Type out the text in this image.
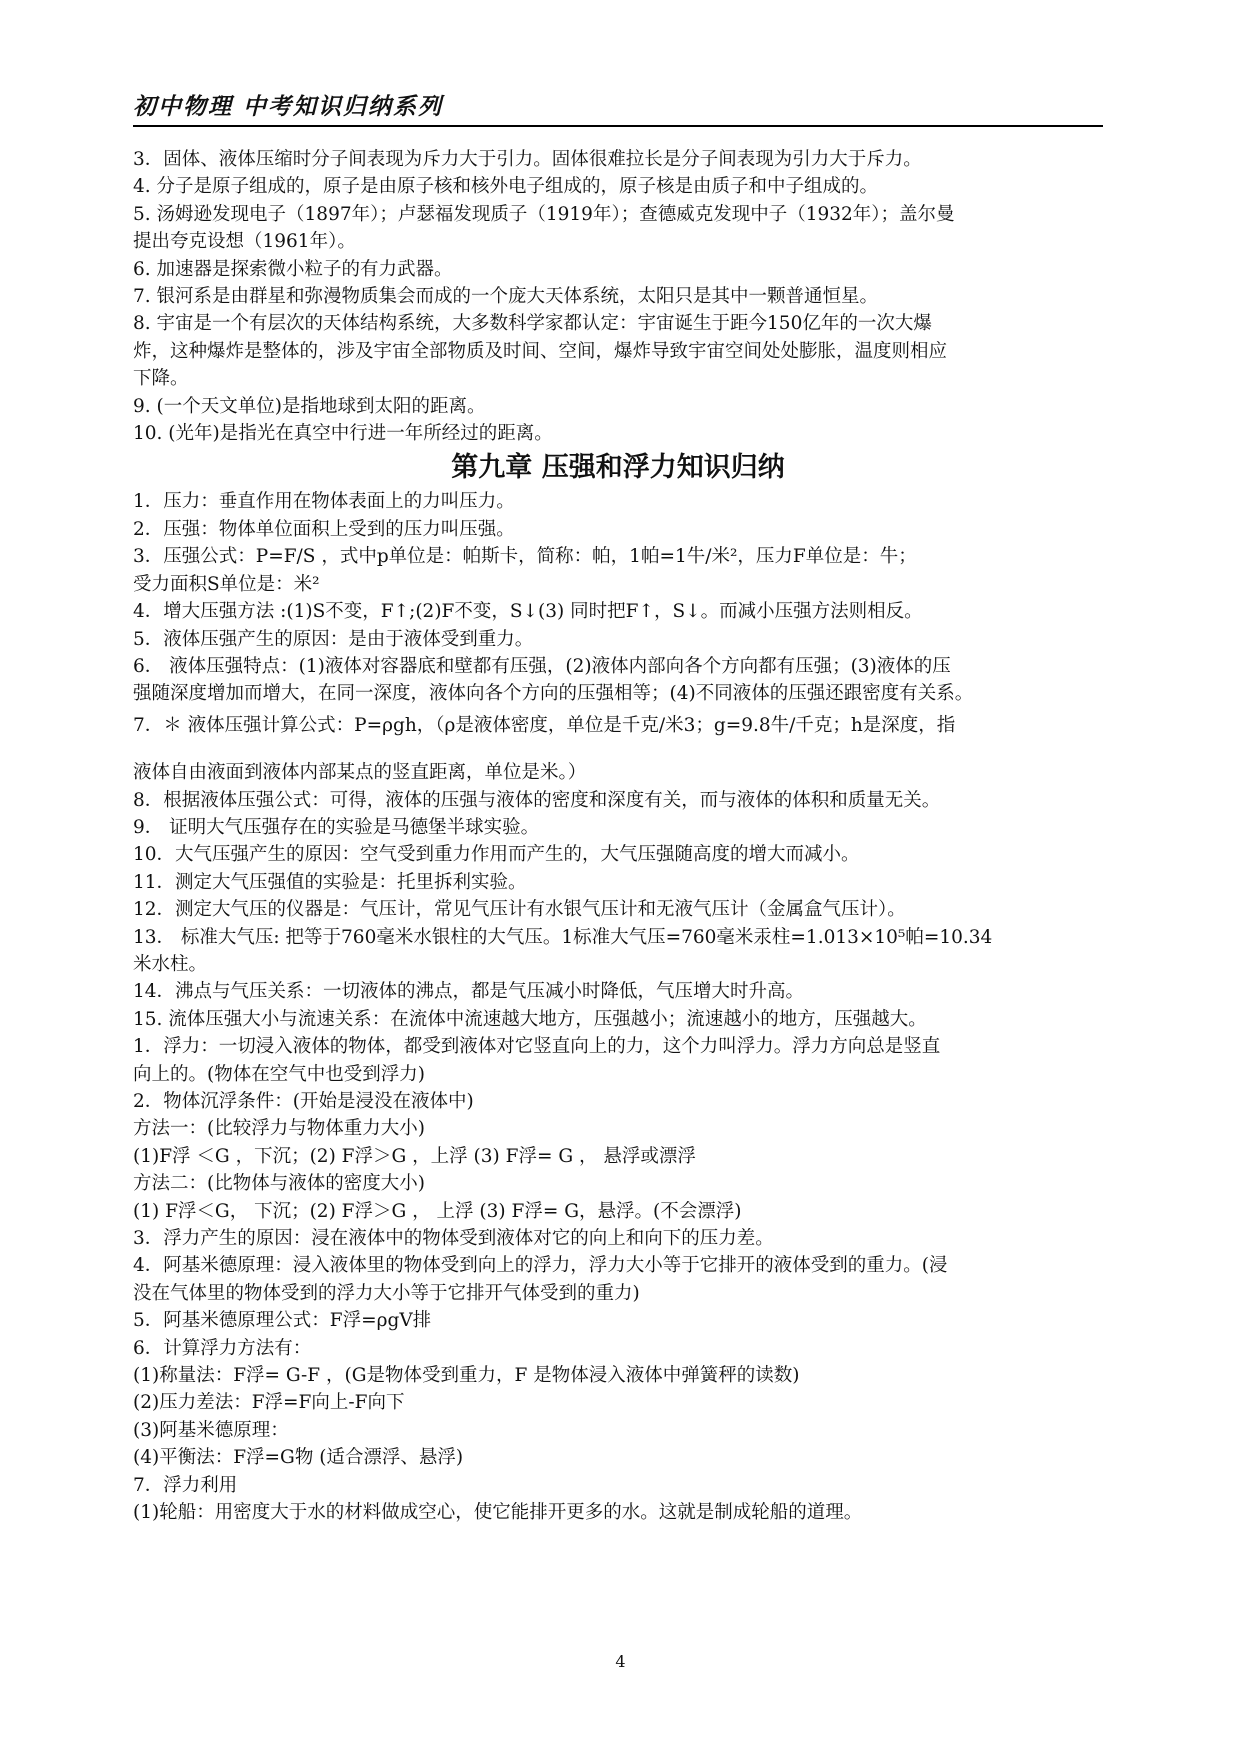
初中物理 中考知识归纳系列
3．固体、液体压缩时分子间表现为斥力大于引力。固体很难拉长是分子间表现为引力大于斥力。
4. 分子是原子组成的，原子是由原子核和核外电子组成的，原子核是由质子和中子组成的。
5. 汤姆逊发现电子（1897年）；卢瑟福发现质子（1919年）；查德威克发现中子（1932年）；盖尔曼
提出夸克设想（1961年）。
6. 加速器是探索微小粒子的有力武器。
7. 银河系是由群星和弥漫物质集会而成的一个庞大天体系统，太阳只是其中一颗普通恒星。
8. 宇宙是一个有层次的天体结构系统，大多数科学家都认定：宇宙诞生于距今150亿年的一次大爆
炸，这种爆炸是整体的，涉及宇宙全部物质及时间、空间，爆炸导致宇宙空间处处膨胀，温度则相应
下降。
9. (一个天文单位)是指地球到太阳的距离。
10. (光年)是指光在真空中行进一年所经过的距离。
第九章 压强和浮力知识归纳
1．压力：垂直作用在物体表面上的力叫压力。
2．压强：物体单位面积上受到的压力叫压强。
3．压强公式：P=F/S ，式中p单位是：帕斯卡，简称：帕，1帕=1牛/米²，压力F单位是：牛；
受力面积S单位是：米²
4．增大压强方法 :(1)S不变，F↑;(2)F不变，S↓(3) 同时把F↑，S↓。而减小压强方法则相反。
5．液体压强产生的原因：是由于液体受到重力。
6． 液体压强特点：(1)液体对容器底和壁都有压强，(2)液体内部向各个方向都有压强；(3)液体的压
强随深度增加而增大，在同一深度，液体向各个方向的压强相等；(4)不同液体的压强还跟密度有关系。
7．＊ 液体压强计算公式：P=ρgh，（ρ是液体密度，单位是千克/米3；g=9.8牛/千克；h是深度，指
液体自由液面到液体内部某点的竖直距离，单位是米。）
8．根据液体压强公式：可得，液体的压强与液体的密度和深度有关，而与液体的体积和质量无关。
9． 证明大气压强存在的实验是马德堡半球实验。
10．大气压强产生的原因：空气受到重力作用而产生的，大气压强随高度的增大而减小。
11．测定大气压强值的实验是：托里拆利实验。
12．测定大气压的仪器是：气压计，常见气压计有水银气压计和无液气压计（金属盒气压计）。
13． 标准大气压: 把等于760毫米水银柱的大气压。1标准大气压=760毫米汞柱=1.013×10⁵帕=10.34
米水柱。
14．沸点与气压关系：一切液体的沸点，都是气压减小时降低，气压增大时升高。
15. 流体压强大小与流速关系：在流体中流速越大地方，压强越小；流速越小的地方，压强越大。
1．浮力：一切浸入液体的物体，都受到液体对它竖直向上的力，这个力叫浮力。浮力方向总是竖直
向上的。(物体在空气中也受到浮力)
2．物体沉浮条件：(开始是浸没在液体中)
方法一：(比较浮力与物体重力大小)
(1)F浮 ＜G ，下沉；(2) F浮＞G ，上浮 (3) F浮= G ， 悬浮或漂浮
方法二：(比物体与液体的密度大小)
(1) F浮＜G， 下沉；(2) F浮＞G ， 上浮 (3) F浮= G，悬浮。(不会漂浮)
3．浮力产生的原因：浸在液体中的物体受到液体对它的向上和向下的压力差。
4．阿基米德原理：浸入液体里的物体受到向上的浮力，浮力大小等于它排开的液体受到的重力。(浸
没在气体里的物体受到的浮力大小等于它排开气体受到的重力)
5．阿基米德原理公式：F浮=ρgV排
6．计算浮力方法有：
(1)称量法：F浮= G-F ，(G是物体受到重力，F 是物体浸入液体中弹簧秤的读数)
(2)压力差法：F浮=F向上-F向下
(3)阿基米德原理：
(4)平衡法：F浮=G物 (适合漂浮、悬浮)
7．浮力利用
(1)轮船：用密度大于水的材料做成空心，使它能排开更多的水。这就是制成轮船的道理。
4
